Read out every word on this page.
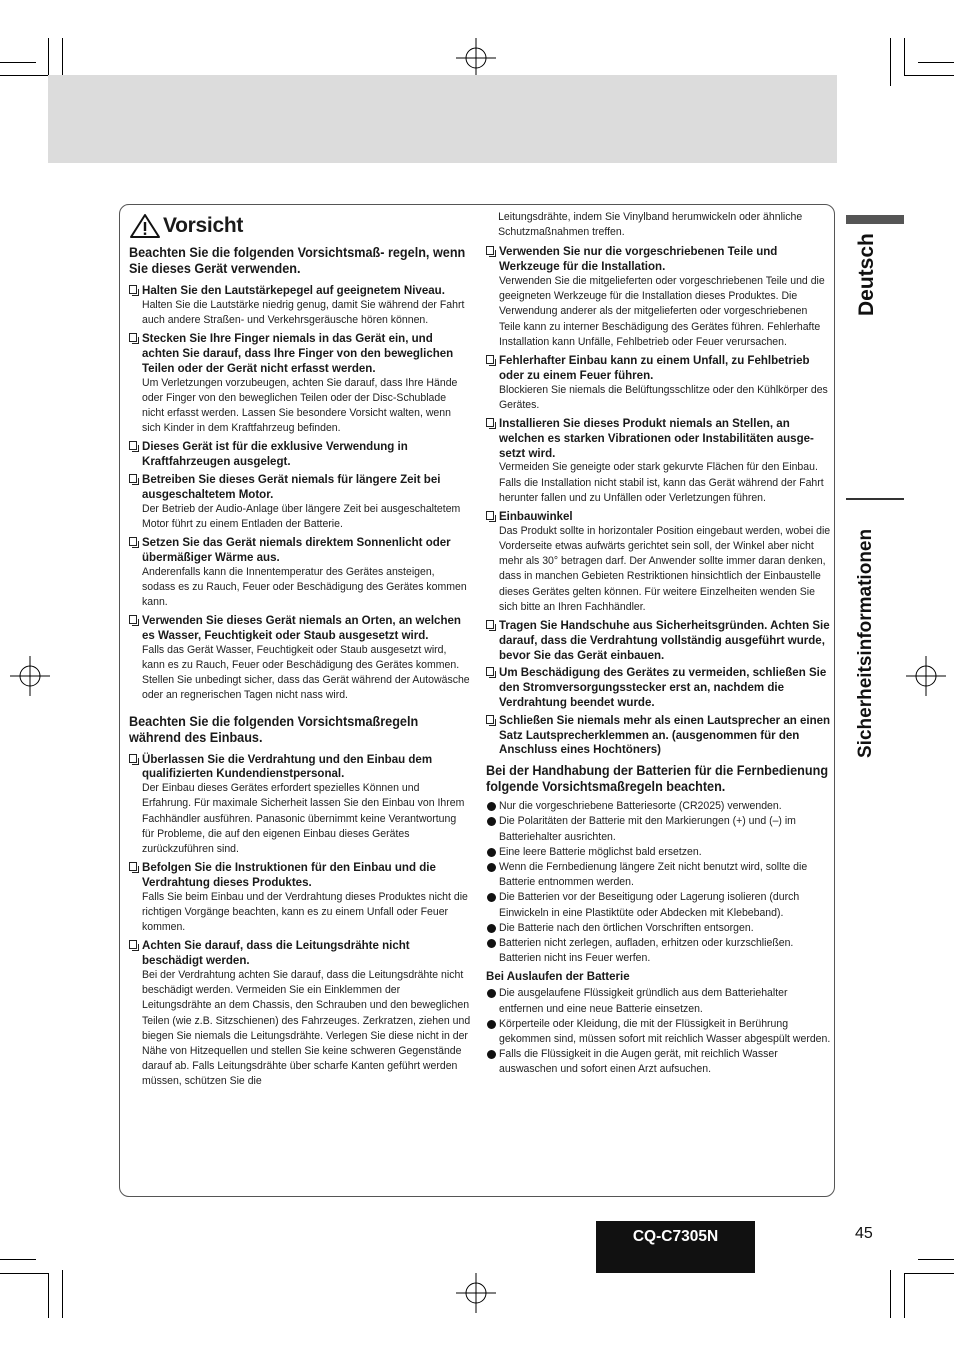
Vorsicht
Beachten Sie die folgenden Vorsichtsmaß- regeln, wenn Sie dieses Gerät verwenden.
Halten Sie den Lautstärkepegel auf geeignetem Niveau.
Halten Sie die Lautstärke niedrig genug, damit Sie während der Fahrt auch andere Straßen- und Verkehrsgeräusche hören können.
Stecken Sie Ihre Finger niemals in das Gerät ein, und achten Sie darauf, dass Ihre Finger von den beweglichen Teilen oder der Gerät nicht erfasst werden.
Um Verletzungen vorzubeugen, achten Sie darauf, dass Ihre Hände oder Finger von den beweglichen Teilen oder der Disc-Schublade nicht erfasst werden. Lassen Sie besondere Vorsicht walten, wenn sich Kinder in dem Kraftfahrzeug befinden.
Dieses Gerät ist für die exklusive Verwendung in Kraftfahrzeugen ausgelegt.
Betreiben Sie dieses Gerät niemals für längere Zeit bei ausgeschaltetem Motor.
Der Betrieb der Audio-Anlage über längere Zeit bei ausgeschaltetem Motor führt zu einem Entladen der Batterie.
Setzen Sie das Gerät niemals direktem Sonnenlicht oder übermäßiger Wärme aus.
Anderenfalls kann die Innentemperatur des Gerätes ansteigen, sodass es zu Rauch, Feuer oder Beschädigung des Gerätes kommen kann.
Verwenden Sie dieses Gerät niemals an Orten, an welchen es Wasser, Feuchtigkeit oder Staub ausgesetzt wird.
Falls das Gerät Wasser, Feuchtigkeit oder Staub ausgesetzt wird, kann es zu Rauch, Feuer oder Beschädigung des Gerätes kommen. Stellen Sie unbedingt sicher, dass das Gerät während der Autowäsche oder an regnerischen Tagen nicht nass wird.
Beachten Sie die folgenden Vorsichtsmaßregeln während des Einbaus.
Überlassen Sie die Verdrahtung und den Einbau dem qualifizierten Kundendienstpersonal.
Der Einbau dieses Gerätes erfordert spezielles Können und Erfahrung. Für maximale Sicherheit lassen Sie den Einbau von Ihrem Fachhändler ausführen. Panasonic übernimmt keine Verantwortung für Probleme, die auf den eigenen Einbau dieses Gerätes zurückzuführen sind.
Befolgen Sie die Instruktionen für den Einbau und die Verdrahtung dieses Produktes.
Falls Sie beim Einbau und der Verdrahtung dieses Produktes nicht die richtigen Vorgänge beachten, kann es zu einem Unfall oder Feuer kommen.
Achten Sie darauf, dass die Leitungsdrähte nicht beschädigt werden.
Bei der Verdrahtung achten Sie darauf, dass die Leitungsdrähte nicht beschädigt werden. Vermeiden Sie ein Einklemmen der Leitungsdrähte an dem Chassis, den Schrauben und den beweglichen Teilen (wie z.B. Sitzschienen) des Fahrzeuges. Zerkratzen, ziehen und biegen Sie niemals die Leitungsdrähte. Verlegen Sie diese nicht in der Nähe von Hitzequellen und stellen Sie keine schweren Gegenstände darauf ab. Falls Leitungsdrähte über scharfe Kanten geführt werden müssen, schützen Sie die
Leitungsdrähte, indem Sie Vinylband herumwickeln oder ähnliche Schutzmaßnahmen treffen.
Verwenden Sie nur die vorgeschriebenen Teile und Werkzeuge für die Installation.
Verwenden Sie die mitgelieferten oder vorgeschriebenen Teile und die geeigneten Werkzeuge für die Installation dieses Produktes. Die Verwendung anderer als der mitgelieferten oder vorgeschriebenen Teile kann zu interner Beschädigung des Gerätes führen. Fehlerhafte Installation kann Unfälle, Fehlbetrieb oder Feuer verursachen.
Fehlerhafter Einbau kann zu einem Unfall, zu Fehlbetrieb oder zu einem Feuer führen.
Blockieren Sie niemals die Belüftungsschlitze oder den Kühlkörper des Gerätes.
Installieren Sie dieses Produkt niemals an Stellen, an welchen es starken Vibrationen oder Instabilitäten ausge- setzt wird.
Vermeiden Sie geneigte oder stark gekurvte Flächen für den Einbau. Falls die Installation nicht stabil ist, kann das Gerät während der Fahrt herunter fallen und zu Unfällen oder Verletzungen führen.
Einbauwinkel
Das Produkt sollte in horizontaler Position eingebaut werden, wobei die Vorderseite etwas aufwärts gerichtet sein soll, der Winkel aber nicht mehr als 30° betragen darf. Der Anwender sollte immer daran denken, dass in manchen Gebieten Restriktionen hinsichtlich der Einbaustelle dieses Gerätes gelten können. Für weitere Einzelheiten wenden Sie sich bitte an Ihren Fachhändler.
Tragen Sie Handschuhe aus Sicherheitsgründen. Achten Sie darauf, dass die Verdrahtung vollständig ausgeführt wurde, bevor Sie das Gerät einbauen.
Um Beschädigung des Gerätes zu vermeiden, schließen Sie den Stromversorgungsstecker erst an, nachdem die Verdrahtung beendet wurde.
Schließen Sie niemals mehr als einen Lautsprecher an einen Satz Lautsprecherklemmen an. (ausgenommen für den Anschluss eines Hochtöners)
Bei der Handhabung der Batterien für die Fernbedienung folgende Vorsichtsmaßregeln beachten.
Nur die vorgeschriebene Batteriesorte (CR2025) verwenden.
Die Polaritäten der Batterie mit den Markierungen (+) und (–) im Batteriehalter ausrichten.
Eine leere Batterie möglichst bald ersetzen.
Wenn die Fernbedienung längere Zeit nicht benutzt wird, sollte die Batterie entnommen werden.
Die Batterien vor der Beseitigung oder Lagerung isolieren (durch Einwickeln in eine Plastiktüte oder Abdecken mit Klebeband).
Die Batterie nach den örtlichen Vorschriften entsorgen.
Batterien nicht zerlegen, aufladen, erhitzen oder kurzschließen. Batterien nicht ins Feuer werfen.
Bei Auslaufen der Batterie
Die ausgelaufene Flüssigkeit gründlich aus dem Batteriehalter entfernen und eine neue Batterie einsetzen.
Körperteile oder Kleidung, die mit der Flüssigkeit in Berührung gekommen sind, müssen sofort mit reichlich Wasser abgespült werden.
Falls die Flüssigkeit in die Augen gerät, mit reichlich Wasser auswaschen und sofort einen Arzt aufsuchen.
Deutsch
Sicherheitsinformationen
CQ-C7305N	45
